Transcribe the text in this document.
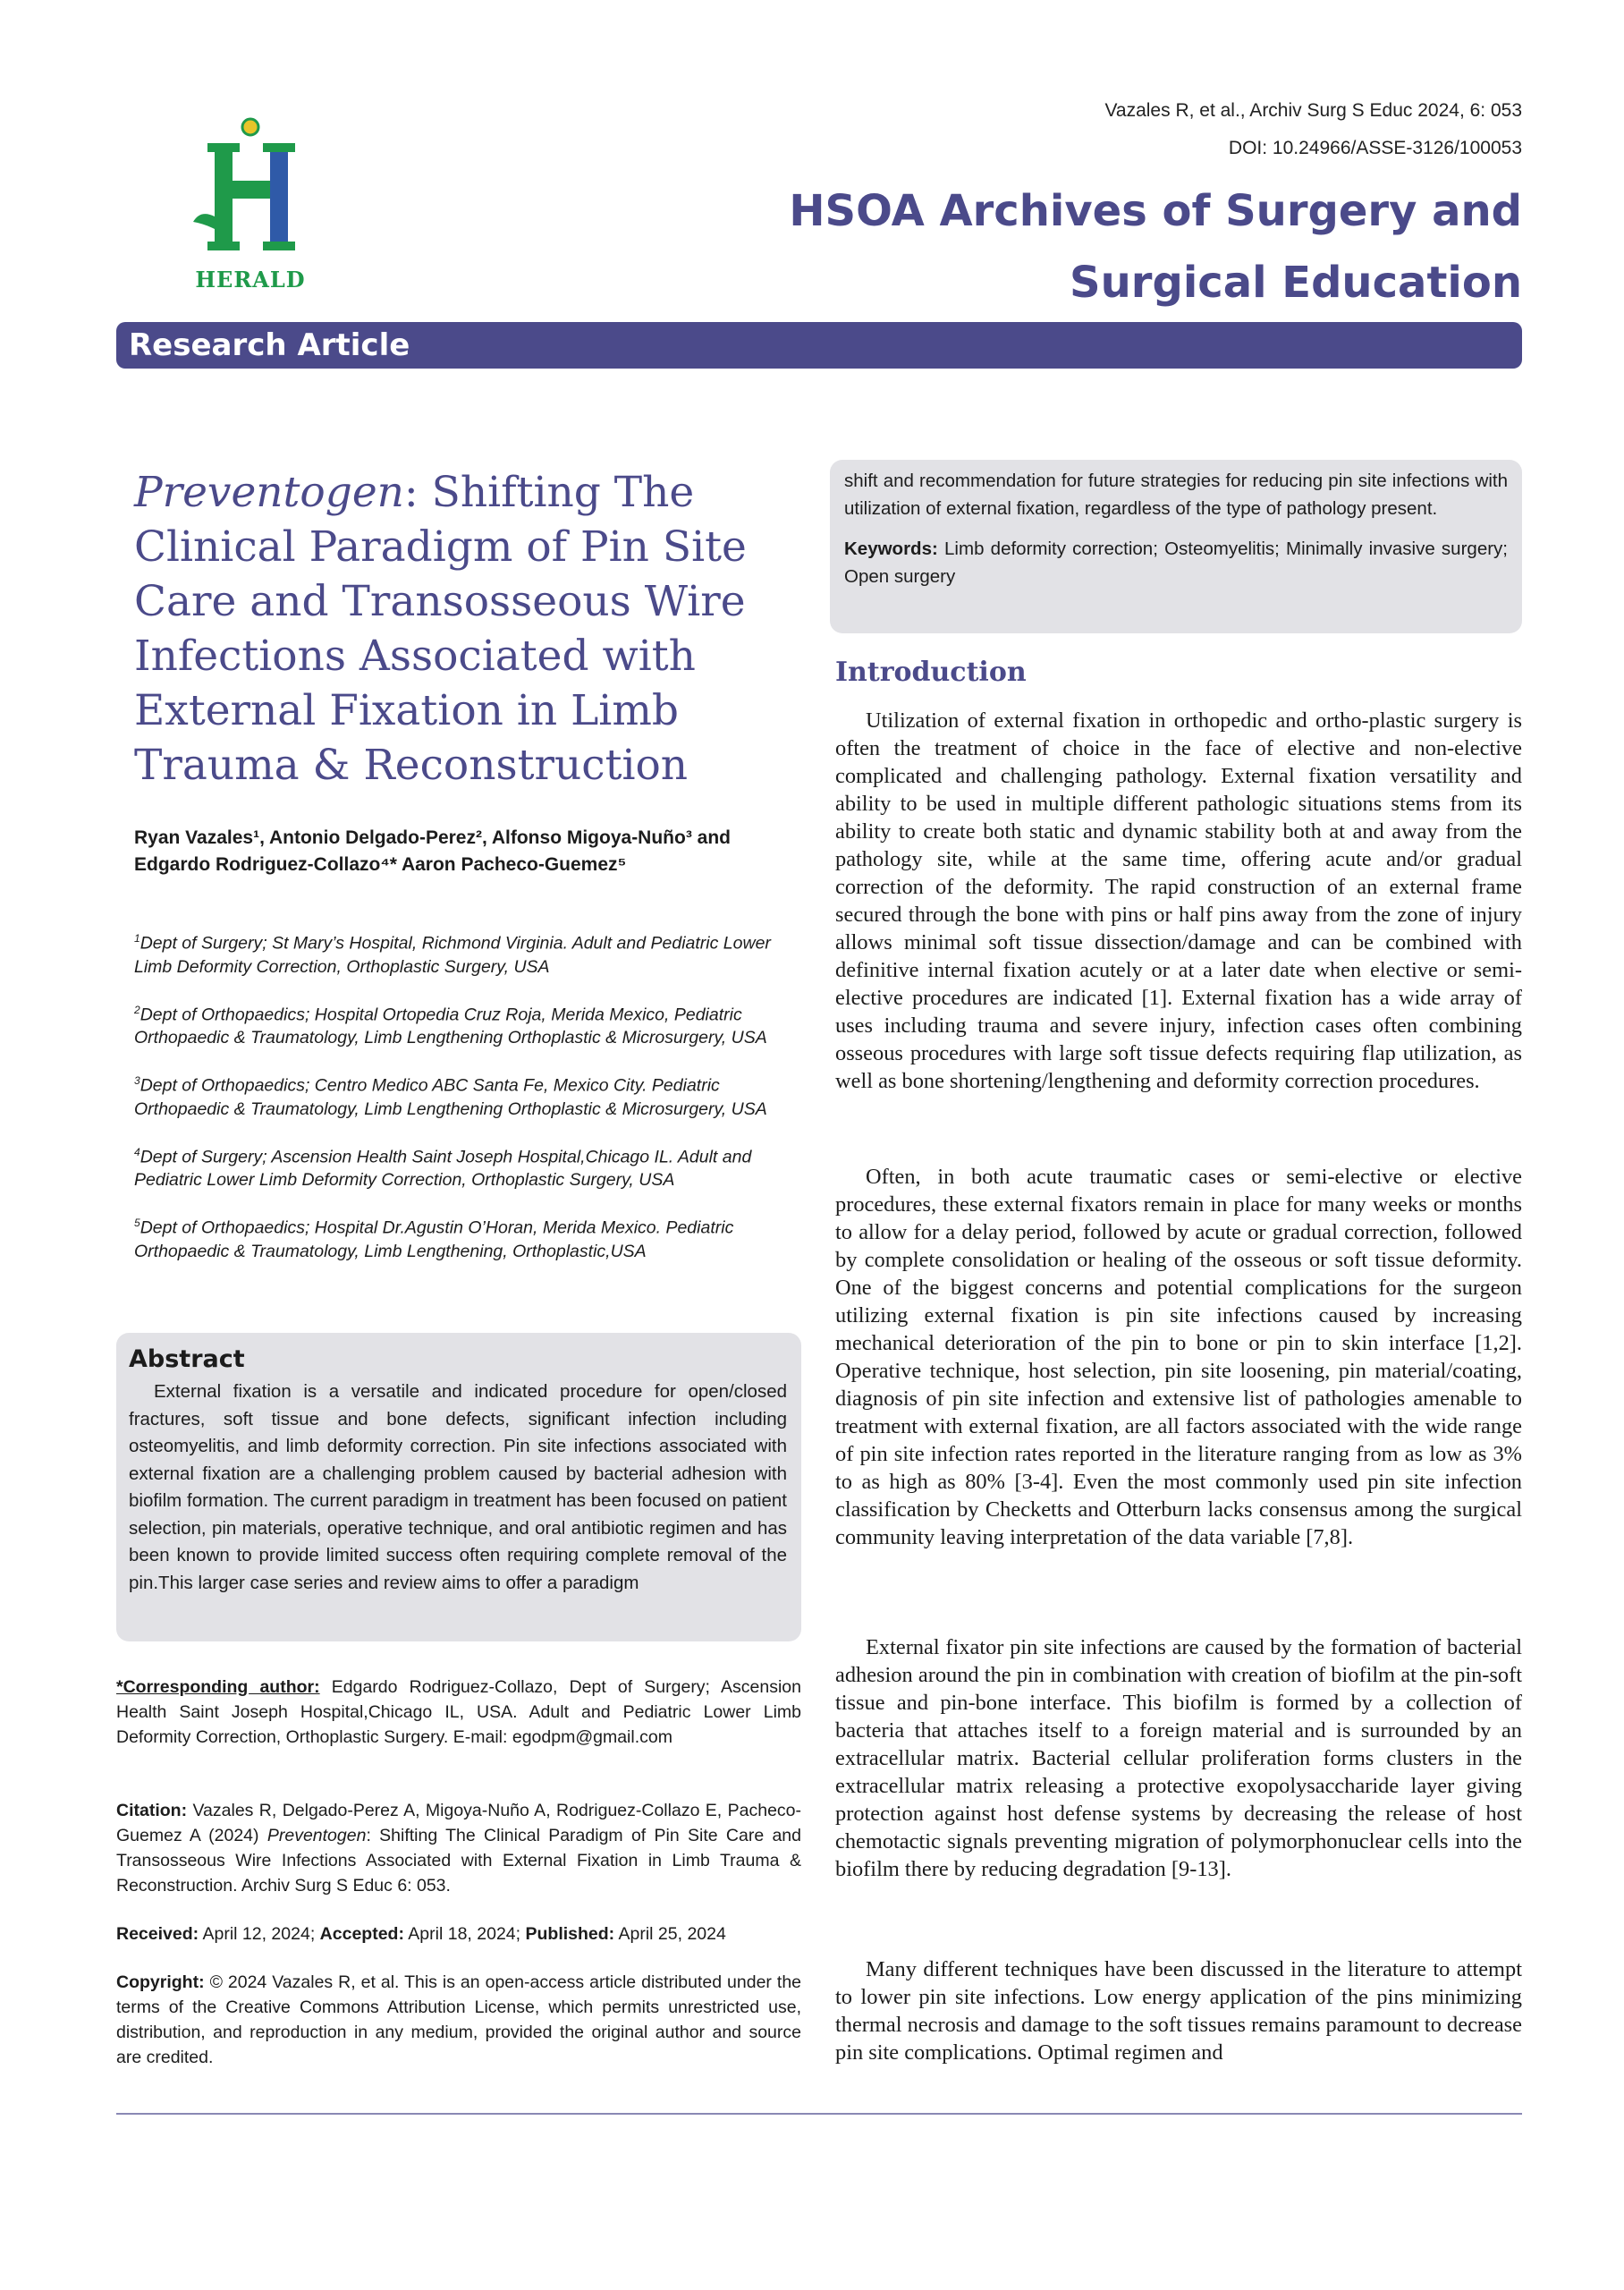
HERALD
Vazales R, et al., Archiv Surg S Educ 2024, 6: 053
DOI: 10.24966/ASSE-3126/100053
HSOA Archives of Surgery and Surgical Education
Research Article
Preventogen: Shifting The Clinical Paradigm of Pin Site Care and Transosseous Wire Infections Associated with External Fixation in Limb Trauma & Reconstruction
Ryan Vazales¹, Antonio Delgado-Perez², Alfonso Migoya-Nuño³ and Edgardo Rodriguez-Collazo⁴* Aaron Pacheco-Guemez⁵

$^1$Dept of Surgery; St Mary’s Hospital, Richmond Virginia. Adult and Pediatric Lower Limb Deformity Correction, Orthoplastic Surgery, USA

$^2$Dept of Orthopaedics; Hospital Ortopedia Cruz Roja, Merida Mexico, Pediatric Orthopaedic & Traumatology, Limb Lengthening Orthoplastic & Microsurgery, USA

$^3$Dept of Orthopaedics; Centro Medico ABC Santa Fe, Mexico City. Pediatric Orthopaedic & Traumatology, Limb Lengthening Orthoplastic & Microsurgery, USA

$^4$Dept of Surgery; Ascension Health Saint Joseph Hospital,Chicago IL. Adult and Pediatric Lower Limb Deformity Correction, Orthoplastic Surgery, USA

$^5$Dept of Orthopaedics; Hospital Dr.Agustin O’Horan, Merida Mexico. Pediatric Orthopaedic & Traumatology, Limb Lengthening, Orthoplastic,USA

Abstract

External fixation is a versatile and indicated procedure for open/closed fractures, soft tissue and bone defects, significant infection including osteomyelitis, and limb deformity correction. Pin site infections associated with external fixation are a challenging problem caused by bacterial adhesion with biofilm formation. The current paradigm in treatment has been focused on patient selection, pin materials, operative technique, and oral antibiotic regimen and has been known to provide limited success often requiring complete removal of the pin.This larger case series and review aims to offer a paradigm

*Corresponding author: Edgardo Rodriguez-Collazo, Dept of Surgery; Ascension Health Saint Joseph Hospital,Chicago IL, USA. Adult and Pediatric Lower Limb Deformity Correction, Orthoplastic Surgery. E-mail: egodpm@gmail.com
Citation: Vazales R, Delgado-Perez A, Migoya-Nuño A, Rodriguez-Collazo E, Pacheco-Guemez A (2024) Preventogen: Shifting The Clinical Paradigm of Pin Site Care and Transosseous Wire Infections Associated with External Fixation in Limb Trauma & Reconstruction. Archiv Surg S Educ 6: 053.
Received: April 12, 2024; Accepted: April 18, 2024; Published: April 25, 2024
Copyright: © 2024 Vazales R, et al. This is an open-access article distributed under the terms of the Creative Commons Attribution License, which permits unrestricted use, distribution, and reproduction in any medium, provided the original author and source are credited.

shift and recommendation for future strategies for reducing pin site infections with utilization of external fixation, regardless of the type of pathology present.

Keywords: Limb deformity correction; Osteomyelitis; Minimally invasive surgery; Open surgery

Introduction

Utilization of external fixation in orthopedic and ortho-plastic surgery is often the treatment of choice in the face of elective and non-elective complicated and challenging pathology. External fixation versatility and ability to be used in multiple different pathologic situations stems from its ability to create both static and dynamic stability both at and away from the pathology site, while at the same time, offering acute and/or gradual correction of the deformity. The rapid construction of an external frame secured through the bone with pins or half pins away from the zone of injury allows minimal soft tissue dissection/damage and can be combined with definitive internal fixation acutely or at a later date when elective or semi-elective procedures are indicated [1]. External fixation has a wide array of uses including trauma and severe injury, infection cases often combining osseous procedures with large soft tissue defects requiring flap utilization, as well as bone shortening/lengthening and deformity correction procedures.

Often, in both acute traumatic cases or semi-elective or elective procedures, these external fixators remain in place for many weeks or months to allow for a delay period, followed by acute or gradual correction, followed by complete consolidation or healing of the osseous or soft tissue deformity. One of the biggest concerns and potential complications for the surgeon utilizing external fixation is pin site infections caused by increasing mechanical deterioration of the pin to bone or pin to skin interface [1,2]. Operative technique, host selection, pin site loosening, pin material/coating, diagnosis of pin site infection and extensive list of pathologies amenable to treatment with external fixation, are all factors associated with the wide range of pin site infection rates reported in the literature ranging from as low as 3% to as high as 80% [3-4]. Even the most commonly used pin site infection classification by Checketts and Otterburn lacks consensus among the surgical community leaving interpretation of the data variable [7,8].

External fixator pin site infections are caused by the formation of bacterial adhesion around the pin in combination with creation of biofilm at the pin-soft tissue and pin-bone interface. This biofilm is formed by a collection of bacteria that attaches itself to a foreign material and is surrounded by an extracellular matrix. Bacterial cellular proliferation forms clusters in the extracellular matrix releasing a protective exopolysaccharide layer giving protection against host defense systems by decreasing the release of host chemotactic signals preventing migration of polymorphonuclear cells into the biofilm there by reducing degradation [9-13].

Many different techniques have been discussed in the literature to attempt to lower pin site infections. Low energy application of the pins minimizing thermal necrosis and damage to the soft tissues remains paramount to decrease pin site complications. Optimal regimen and
